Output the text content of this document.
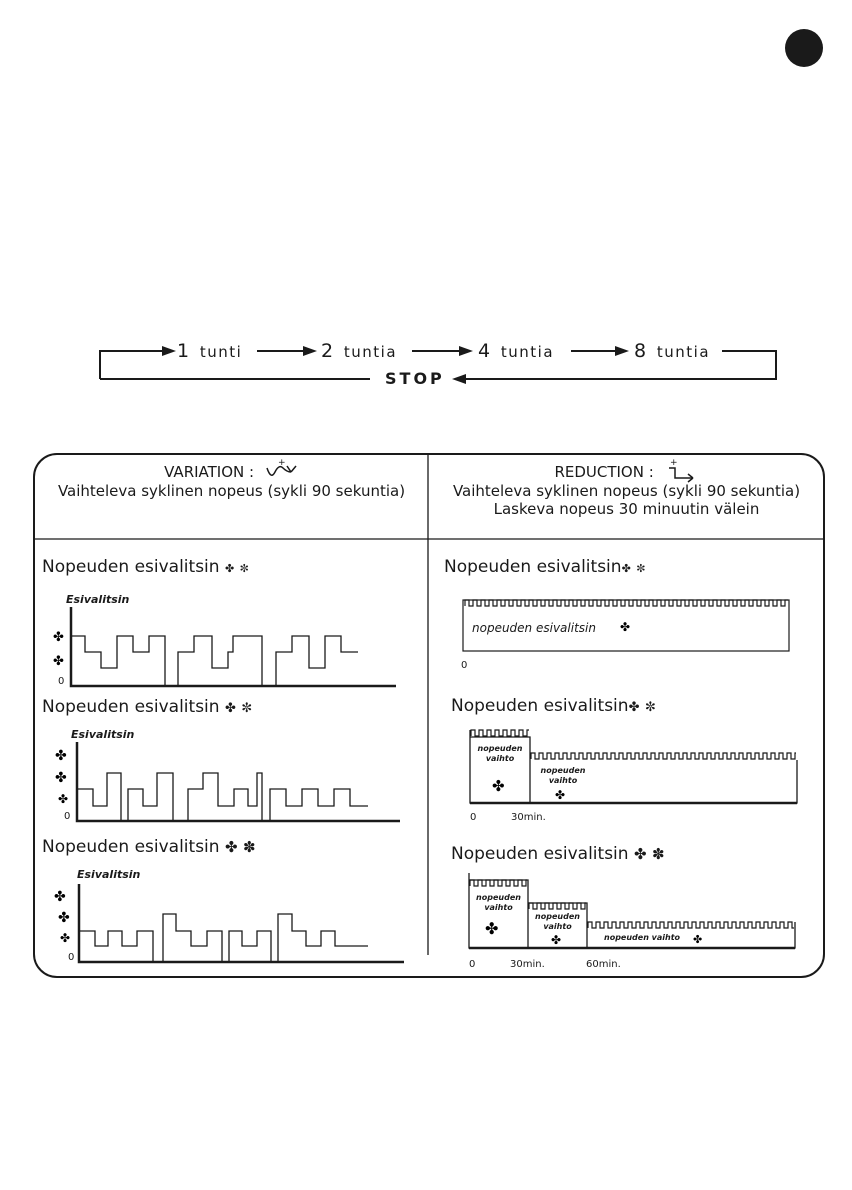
1 tunti	2 tuntia	4 tuntia	8 tuntia
STOP
VARIATION :	+
Vaihteleva syklinen nopeus (sykli 90 sekuntia)
REDUCTION : +
Vaihteleva syklinen nopeus (sykli 90 sekuntia)
Laskeva nopeus 30 minuutin välein
Nopeuden esivalitsin ✤ ✼
Esivalitsin
0
✤
✤
Nopeuden esivalitsin ✤ ✼
Esivalitsin
0
✤
✤
✤
Nopeuden esivalitsin ✤ ✽
Esivalitsin
0
✤
✤
✤
Nopeuden esivalitsin✤ ✼
✤
nopeuden esivalitsin
0
Nopeuden esivalitsin✤ ✼
✤	✤
nopeuden
vaihto
nopeuden
vaihto
0	30min.
Nopeuden esivalitsin ✤ ✽
✤
✤	✤
nopeuden
vaihto
nopeuden
vaihto
nopeuden vaihto
0	30min.	60min.
